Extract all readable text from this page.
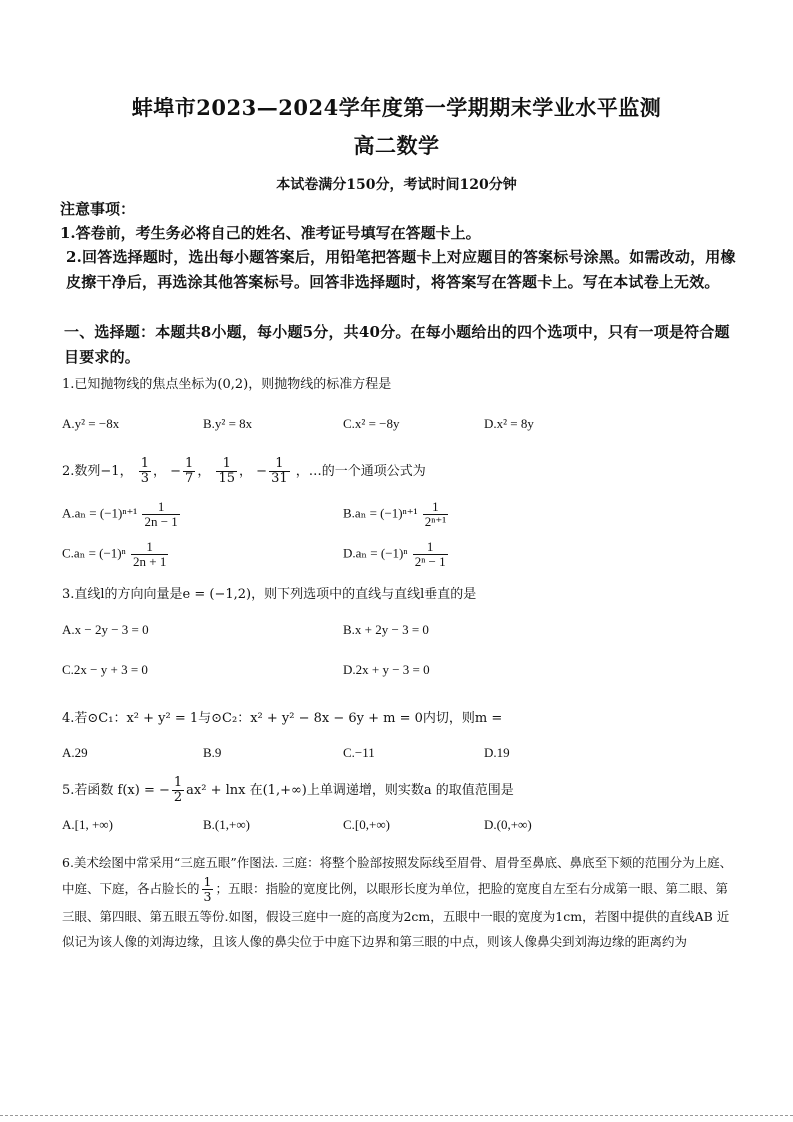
蚌埠市2023—2024学年度第一学期期末学业水平监测
高二数学
本试卷满分150分，考试时间120分钟
注意事项：
1.答卷前，考生务必将自己的姓名、准考证号填写在答题卡上。
2.回答选择题时，选出每小题答案后，用铅笔把答题卡上对应题目的答案标号涂黑。如需改动，用橡皮擦干净后，再选涂其他答案标号。回答非选择题时，将答案写在答题卡上。写在本试卷上无效。
一、选择题：本题共8小题，每小题5分，共40分。在每小题给出的四个选项中，只有一项是符合题目要求的。
1.已知抛物线的焦点坐标为(0,2)，则抛物线的标准方程是
A.y² = −8x	B.y² = 8x	C.x² = −8y	D.x² = 8y
2.数列−1， $\frac{1}{3}$ ， − $\frac{1}{7}$ ， $\frac{1}{15}$ ， − $\frac{1}{31}$ ，…的一个通项公式为
$A.a_n = (-1)^{n+1} \frac{1}{2n - 1}$	$B.a_n = (-1)^{n+1} \frac{1}{\text{2ⁿ⁺¹}}$
$C.a_n = (-1)^n \frac{1}{2n + 1}$	$D.a_n = (-1)^n \frac{1}{\text{2ⁿ − 1}}$
3.直线l的方向向量是e = (−1,2)，则下列选项中的直线与直线l垂直的是
A.x − 2y − 3 = 0	B.x + 2y − 3 = 0
C.2x − y + 3 = 0	D.2x + y − 3 = 0
4.若⊙C₁：x² + y² = 1与⊙C₂：x² + y² − 8x − 6y + m = 0内切，则m =
A.29	B.9	C.−11	D.19
5.若函数 f(x) = − $\frac{1}{2} ax^2 + \ln x$ 在(1,+∞)上单调递增，则实数a 的取值范围是
A.[1, +∞)	B.(1,+∞)	C.[0,+∞)	D.(0,+∞)
6.美术绘图中常采用“三庭五眼”作图法. 三庭：将整个脸部按照发际线至眉骨、眉骨至鼻底、鼻底至下颏的范围分为上庭、中庭、下庭，各占脸长的 $\frac{1}{3}$ ；五眼：指脸的宽度比例，以眼形长度为单位，把脸的宽度自左至右分成第一眼、第二眼、第三眼、第四眼、第五眼五等份.如图，假设三庭中一庭的高度为2cm，五眼中一眼的宽度为1cm，若图中提供的直线AB 近似记为该人像的刘海边缘，且该人像的鼻尖位于中庭下边界和第三眼的中点，则该人像鼻尖到刘海边缘的距离约为
